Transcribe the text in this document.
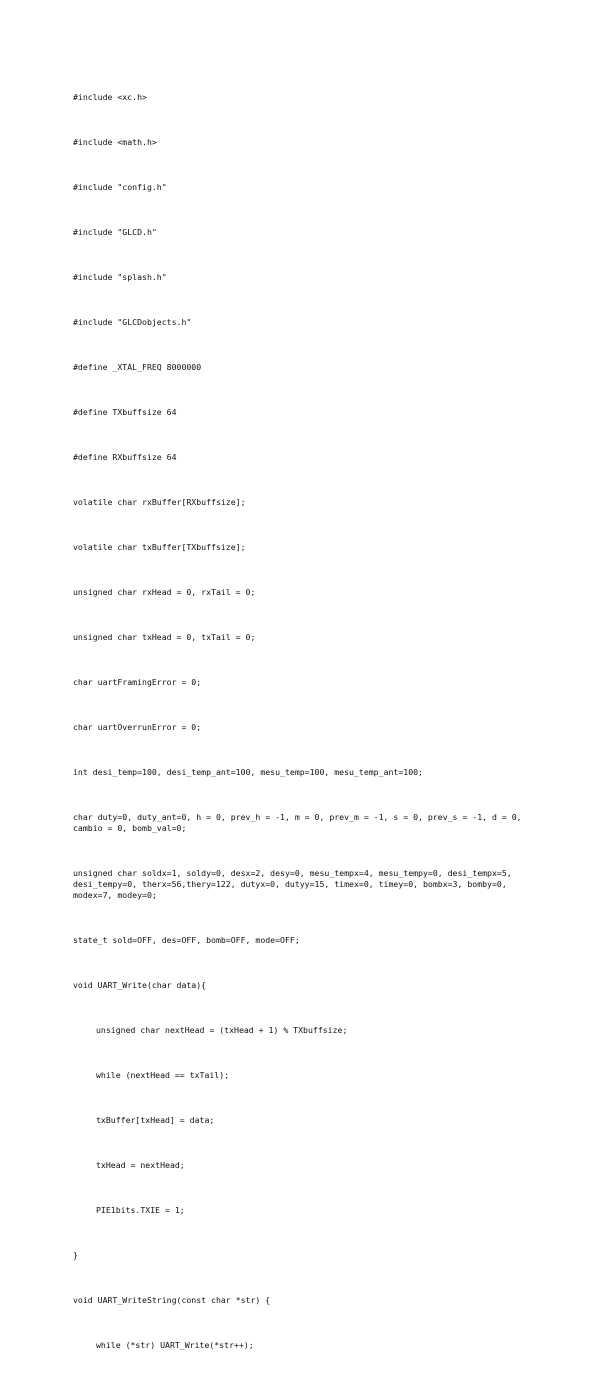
#include <xc.h>

#include <math.h>

#include "config.h"

#include "GLCD.h"

#include "splash.h"

#include "GLCDobjects.h"

#define _XTAL_FREQ 8000000

#define TXbuffsize 64

#define RXbuffsize 64

volatile char rxBuffer[RXbuffsize];

volatile char txBuffer[TXbuffsize];

unsigned char rxHead = 0, rxTail = 0;

unsigned char txHead = 0, txTail = 0;

char uartFramingError = 0;

char uartOverrunError = 0;

int desi_temp=100, desi_temp_ant=100, mesu_temp=100, mesu_temp_ant=100;

char duty=0, duty_ant=0, h = 0, prev_h = -1, m = 0, prev_m = -1, s = 0, prev_s = -1, d = 0, cambio = 0, bomb_val=0;

unsigned char soldx=1, soldy=0, desx=2, desy=0, mesu_tempx=4, mesu_tempy=0, desi_tempx=5, desi_tempy=0, therx=56,thery=122, dutyx=0, dutyy=15, timex=0, timey=0, bombx=3, bomby=0, modex=7, modey=0;

state_t sold=OFF, des=OFF, bomb=OFF, mode=OFF;

void UART_Write(char data){

unsigned char nextHead = (txHead + 1) % TXbuffsize;

while (nextHead == txTail);

txBuffer[txHead] = data;

txHead = nextHead;

PIE1bits.TXIE = 1;

}

void UART_WriteString(const char *str) {

while (*str) UART_Write(*str++);
